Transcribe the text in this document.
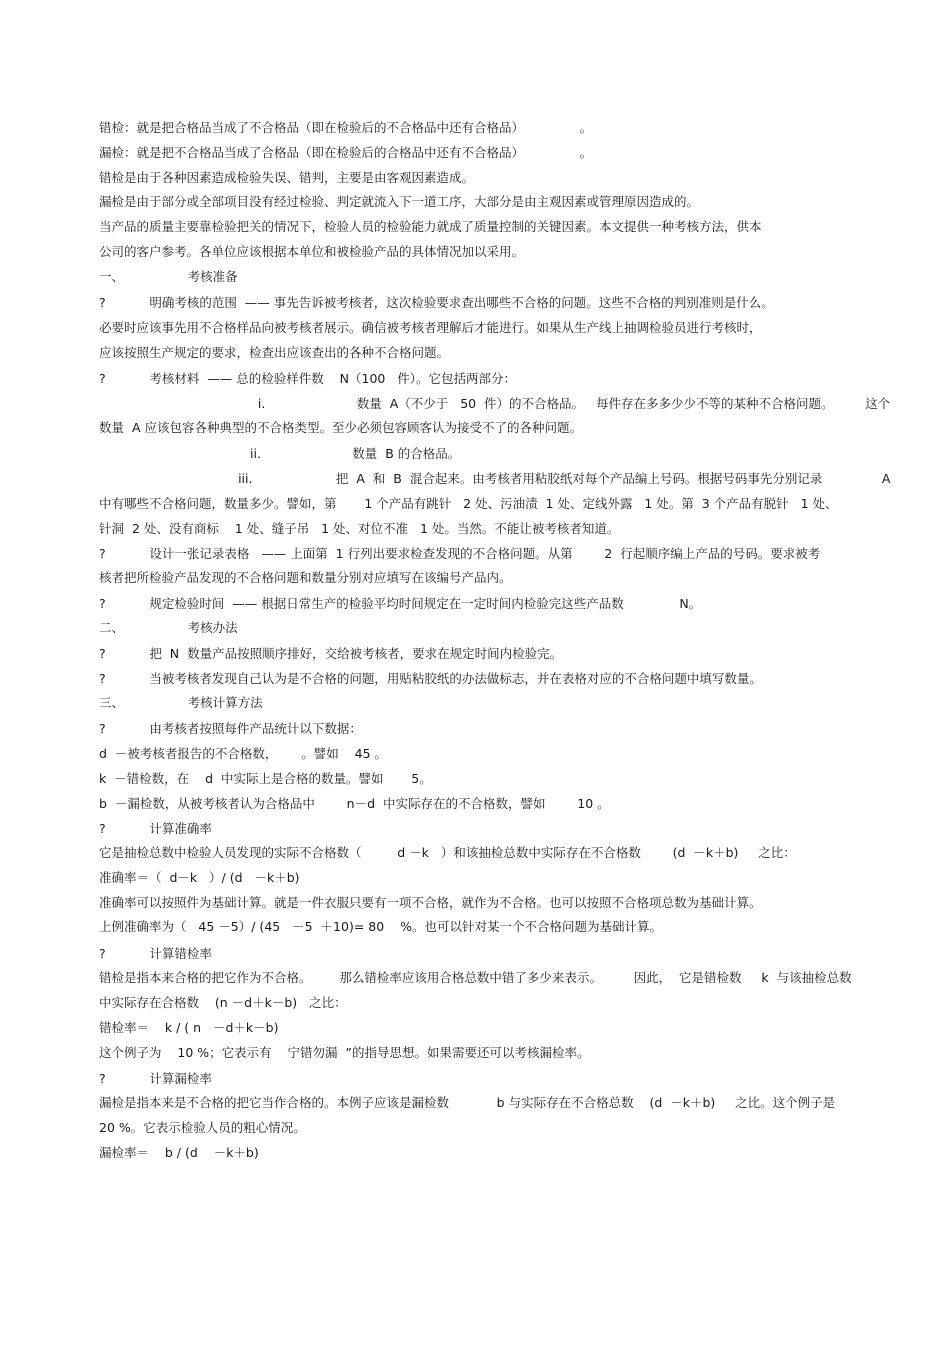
错检：就是把合格品当成了不合格品（即在检验后的不合格品中还有合格品）              。

漏检：就是把不合格品当成了合格品（即在检验后的合格品中还有不合格品）              。

错检是由于各种因素造成检验失误、错判，主要是由客观因素造成。

漏检是由于部分或全部项目没有经过检验、判定就流入下一道工序，大部分是由主观因素或管理原因造成的。

当产品的质量主要靠检验把关的情况下，检验人员的检验能力就成了质量控制的关键因素。本文提供一种考核方法，供本

公司的客户参考。各单位应该根据本单位和被检验产品的具体情况加以采用。

一、                考核准备

?           明确考核的范围  —— 事先告诉被考核者，这次检验要求查出哪些不合格的问题。这些不合格的判别准则是什么。

必要时应该事先用不合格样品向被考核者展示。确信被考核者理解后才能进行。如果从生产线上抽调检验员进行考核时，

应该按照生产规定的要求，检查出应该查出的各种不合格问题。

?           考核材料  —— 总的检验样件数    N（100   件）。它包括两部分：

i.                       数量  A（不少于   50  件）的不合格品。   每件存在多多少少不等的某种不合格问题。        这个

数量  A 应该包容各种典型的不合格类型。至少必须包容顾客认为接受不了的各种问题。

ii.                       数量  B 的合格品。

iii.                     把  A  和  B  混合起来。由考核者用粘胶纸对每个产品编上号码。根据号码事先分别记录               A

中有哪些不合格问题，数量多少。譬如，第       1 个产品有跳针   2 处、污油渍  1 处、定线外露   1 处。第  3 个产品有脱针   1 处、

针洞  2 处、没有商标    1 处、缝子吊   1 处、对位不准   1 处。当然。不能让被考核者知道。

?           设计一张记录表格   —— 上面第  1 行列出要求检查发现的不合格问题。从第        2  行起顺序编上产品的号码。要求被考

核者把所检验产品发现的不合格问题和数量分别对应填写在该编号产品内。

?           规定检验时间  —— 根据日常生产的检验平均时间规定在一定时间内检验完这些产品数              N。

二、                考核办法

?           把  N  数量产品按照顺序排好，交给被考核者，要求在规定时间内检验完。

?           当被考核者发现自己认为是不合格的问题，用贴粘胶纸的办法做标志，并在表格对应的不合格问题中填写数量。

三、                考核计算方法

?           由考核者按照每件产品统计以下数据：

d  －被考核者报告的不合格数，      。譬如    45 。

k  －错检数，在    d  中实际上是合格的数量。譬如       5。

b  －漏检数，从被考核者认为合格品中        n－d  中实际存在的不合格数，譬如        10 。

?           计算准确率

它是抽检总数中检验人员发现的实际不合格数（         d －k   ）和该抽检总数中实际存在不合格数        (d  －k＋b)     之比：

准确率＝（  d－k   ）/ (d   －k＋b)

准确率可以按照件为基础计算。就是一件衣服只要有一项不合格，就作为不合格。也可以按照不合格项总数为基础计算。

上例准确率为（   45 －5）/ (45   －5  ＋10)= 80    %。也可以针对某一个不合格问题为基础计算。

?           计算错检率

错检是指本来合格的把它作为不合格。       那么错检率应该用合格总数中错了多少来表示。        因此，  它是错检数     k  与该抽检总数

中实际存在合格数    (n －d＋k－b)   之比：

错检率＝    k / ( n   －d＋k－b)

这个例子为    10 %；它表示有    宁错勿漏  ”的指导思想。如果需要还可以考核漏检率。

?           计算漏检率

漏检是指本来是不合格的把它当作合格的。本例子应该是漏检数            b 与实际存在不合格总数    (d  －k＋b)     之比。这个例子是

20 %。它表示检验人员的粗心情况。

漏检率＝    b / (d    －k＋b)
